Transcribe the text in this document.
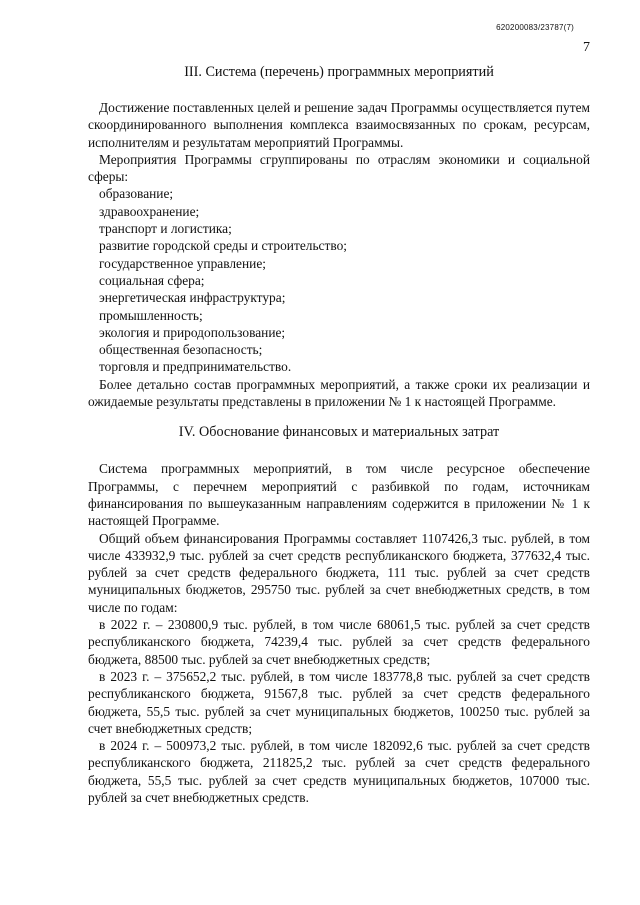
620200083/23787(7)
7
III. Система (перечень) программных мероприятий

Достижение поставленных целей и решение задач Программы осуществляется путем скоординированного выполнения комплекса взаимосвязанных по срокам, ресурсам, исполнителям и результатам мероприятий Программы.

Мероприятия Программы сгруппированы по отраслям экономики и социальной сферы:

образование;
здравоохранение;
транспорт и логистика;
развитие городской среды и строительство;
государственное управление;
социальная сфера;
энергетическая инфраструктура;
промышленность;
экология и природопользование;
общественная безопасность;
торговля и предпринимательство.

Более детально состав программных мероприятий, а также сроки их реализации и ожидаемые результаты представлены в приложении № 1 к настоящей Программе.

IV. Обоснование финансовых и материальных затрат

Система программных мероприятий, в том числе ресурсное обеспечение Программы, с перечнем мероприятий с разбивкой по годам, источникам финансирования по вышеуказанным направлениям содержится в приложении № 1 к настоящей Программе.

Общий объем финансирования Программы составляет 1107426,3 тыс. рублей, в том числе 433932,9 тыс. рублей за счет средств республиканского бюджета, 377632,4 тыс. рублей за счет средств федерального бюджета, 111 тыс. рублей за счет средств муниципальных бюджетов, 295750 тыс. рублей за счет внебюджетных средств, в том числе по годам:

в 2022 г. – 230800,9 тыс. рублей, в том числе 68061,5 тыс. рублей за счет средств республиканского бюджета, 74239,4 тыс. рублей за счет средств федерального бюджета, 88500 тыс. рублей за счет внебюджетных средств;

в 2023 г. – 375652,2 тыс. рублей, в том числе 183778,8 тыс. рублей за счет средств республиканского бюджета, 91567,8 тыс. рублей за счет средств федерального бюджета, 55,5 тыс. рублей за счет муниципальных бюджетов, 100250 тыс. рублей за счет внебюджетных средств;

в 2024 г. – 500973,2 тыс. рублей, в том числе 182092,6 тыс. рублей за счет средств республиканского бюджета, 211825,2 тыс. рублей за счет средств федерального бюджета, 55,5 тыс. рублей за счет средств муниципальных бюджетов, 107000 тыс. рублей за счет внебюджетных средств.
